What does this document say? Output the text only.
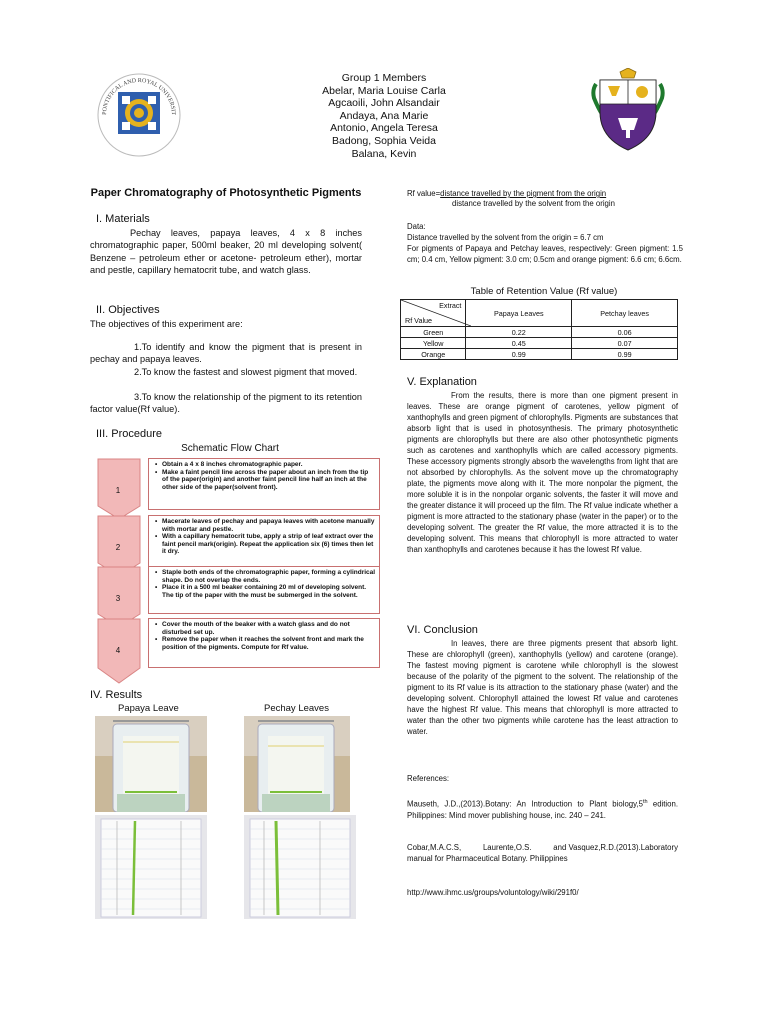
PONTIFICAL AND ROYAL UNIVERSIT
Group 1 Members
Abelar, Maria Louise Carla
Agcaoili, John Alsandair
Andaya, Ana Marie
Antonio, Angela Teresa
Badong, Sophia Veida
Balana, Kevin
Paper Chromatography of Photosynthetic Pigments
I. Materials
Pechay leaves, papaya leaves, 4 x 8 inches chromatographic paper, 500ml beaker, 20 ml developing solvent( Benzene – petroleum ether or acetone- petroleum ether), mortar and pestle, capillary hematocrit tube, and watch glass.
II. Objectives
The objectives of this experiment are:
1.To identify and know the pigment that is present in pechay and papaya leaves.
2.To know the fastest and slowest pigment that moved.
3.To know the relationship of the pigment to its retention factor value(Rf value).
III. Procedure
Schematic Flow Chart
1
• Obtain a 4 x 8 inches chromatographic paper.
• Make a faint pencil line across the paper about an inch from the tip of the paper(origin) and another faint pencil line half an inch at the other side of the paper(solvent front).
2
• Macerate leaves of pechay and papaya leaves with acetone manually with mortar and pestle.
• With a capillary hematocrit tube, apply a strip of leaf extract over the faint pencil mark(origin). Repeat the application six (6) times then let it dry.
3
• Staple both ends of the chromatographic paper, forming a cylindrical shape. Do not overlap the ends.
• Place it in a 500 ml beaker containing 20 ml of developing solvent. The tip of the paper with the must be submerged in the solvent.
4
• Cover the mouth of the beaker with a watch glass and do not disturbed set up.
• Remove the paper when it reaches the solvent front and mark the position of the pigments. Compute for Rf value.
IV. Results
Papaya Leave	Pechay Leaves
Rf value=distance travelled by the pigment from the origin
distance travelled by the solvent from the origin
Data:
Distance travelled by the solvent from the origin = 6.7 cm
For pigments of Papaya and Petchay leaves, respectively: Green pigment: 1.5 cm; 0.4 cm, Yellow pigment: 3.0 cm; 0.5cm and orange pigment: 6.6 cm; 6.6cm.
Table of Retention Value (Rf value)
Extract
Rf Value	Papaya Leaves	Petchay leaves
Green	0.22	0.06
Yellow	0.45	0.07
Orange	0.99	0.99
V. Explanation
From the results, there is more than one pigment present in leaves. These are orange pigment of carotenes, yellow pigment of xanthophylls and green pigment of chlorophylls. Pigments are substances that absorb light that is used in photosynthesis. The primary photosynthetic pigments are chlorophylls but there are also other photosynthetic pigments such as carotenes and xanthophylls which are called accessory pigments. These accessory pigments strongly absorb the wavelengths from light that are not absorbed by chlorophylls. As the solvent move up the chromatography plate, the pigments move along with it. The more nonpolar the pigment, the more soluble it is in the nonpolar organic solvents, the faster it will move and the greater distance it will proceed up the film. The Rf value indicate whether a pigment is more attracted to the stationary phase (water in the paper) or to the developing solvent. The greater the Rf value, the more attracted it is to the developing solvent. This means that chlorophyll is more attracted to water than xanthophylls and carotenes because it has the lowest Rf value.
VI. Conclusion
In leaves, there are three pigments present that absorb light. These are chlorophyll (green), xanthophylls (yellow) and carotene (orange). The fastest moving pigment is carotene while chlorophyll is the slowest because of the polarity of the pigment to the solvent. The relationship of the pigment to its Rf value is its attraction to the stationary phase (water) and the developing solvent. Chlorophyll attained the lowest Rf value and carotenes have the highest Rf value. This means that chlorophyll is more attracted to water than the other two pigments while carotene has the least attraction to water.
References:
Mauseth, J.D.,(2013).Botany: An Introduction to Plant biology,5th edition. Philippines: Mind mover publishing house, inc. 240 – 241.
Cobar,M.A.C.S,          Laurente,O.S.          and Vasquez,R.D.(2013).Laboratory manual for Pharmaceutical Botany. Philippines
http://www.ihmc.us/groups/voluntology/wiki/291f0/
